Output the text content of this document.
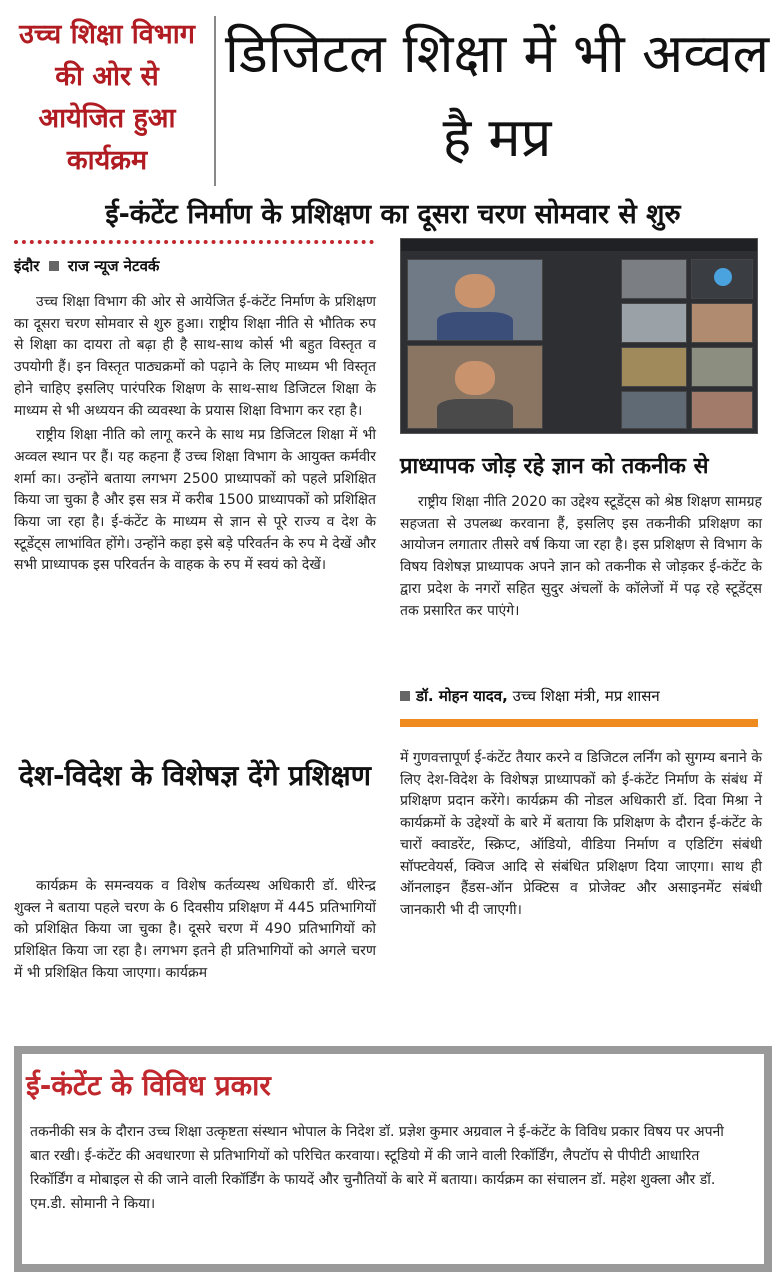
उच्च शिक्षा विभाग की ओर से आयेजित हुआ कार्यक्रम
डिजिटल शिक्षा में भी अव्वल है मप्र
ई-कंटेंट निर्माण के प्रशिक्षण का दूसरा चरण सोमवार से शुरु
इंदौर राज न्यूज नेटवर्क

उच्च शिक्षा विभाग की ओर से आयेजित ई-कंटेंट निर्माण के प्रशिक्षण का दूसरा चरण सोमवार से शुरु हुआ। राष्ट्रीय शिक्षा नीति से भौतिक रुप से शिक्षा का दायरा तो बढ़ा ही है साथ-साथ कोर्स भी बहुत विस्तृत व उपयोगी हैं। इन विस्तृत पाठ्यक्रमों को पढ़ाने के लिए माध्यम भी विस्तृत होने चाहिए इसलिए पारंपरिक शिक्षण के साथ-साथ डिजिटल शिक्षा के माध्यम से भी अध्ययन की व्यवस्था के प्रयास शिक्षा विभाग कर रहा है।

राष्ट्रीय शिक्षा नीति को लागू करने के साथ मप्र डिजिटल शिक्षा में भी अव्वल स्थान पर हैं। यह कहना हैं उच्च शिक्षा विभाग के आयुक्त कर्मवीर शर्मा का। उन्होंने बताया लगभग 2500 प्राध्यापकों को पहले प्रशिक्षित किया जा चुका है और इस सत्र में करीब 1500 प्राध्यापकों को प्रशिक्षित किया जा रहा है। ई-कंटेंट के माध्यम से ज्ञान से पूरे राज्य व देश के स्टूडेंट्स लाभांवित होंगे। उन्होंने कहा इसे बड़े परिवर्तन के रुप मे देखें और सभी प्राध्यापक इस परिवर्तन के वाहक के रुप में स्वयं को देखें।

देश-विदेश के विशेषज्ञ देंगे प्रशिक्षण

कार्यक्रम के समन्वयक व विशेष कर्तव्यस्थ अधिकारी डॉ. धीरेन्द्र शुक्ल ने बताया पहले चरण के 6 दिवसीय प्रशिक्षण में 445 प्रतिभागियों को प्रशिक्षित किया जा चुका है। दूसरे चरण में 490 प्रतिभागियों को प्रशिक्षित किया जा रहा है। लगभग इतने ही प्रतिभागियों को अगले चरण में भी प्रशिक्षित किया जाएगा। कार्यक्रम

प्राध्यापक जोड़ रहे ज्ञान को तकनीक से

राष्ट्रीय शिक्षा नीति 2020 का उद्देश्य स्टूडेंट्स को श्रेष्ठ शिक्षण सामग्रह सहजता से उपलब्ध करवाना हैं, इसलिए इस तकनीकी प्रशिक्षण का आयोजन लगातार तीसरे वर्ष किया जा रहा है। इस प्रशिक्षण से विभाग के विषय विशेषज्ञ प्राध्यापक अपने ज्ञान को तकनीक से जोड़कर ई-कंटेंट के द्वारा प्रदेश के नगरों सहित सुदुर अंचलों के कॉलेजों में पढ़ रहे स्टूडेंट्स तक प्रसारित कर पाएंगे।

डॉ. मोहन यादव, उच्च शिक्षा मंत्री, मप्र शासन
में गुणवत्तापूर्ण ई-कंटेंट तैयार करने व डिजिटल लर्निंग को सुगम्य बनाने के लिए देश-विदेश के विशेषज्ञ प्राध्यापकों को ई-कंटेंट निर्माण के संबंध में प्रशिक्षण प्रदान करेंगे। कार्यक्रम की नोडल अधिकारी डॉ. दिवा मिश्रा ने कार्यक्रमों के उद्देश्यों के बारे में बताया कि प्रशिक्षण के दौरान ई-कंटेंट के चारों क्वाडरेंट, स्क्रिप्ट, ऑडियो, वीडिया निर्माण व एडिटिंग संबंधी सॉफ्टवेयर्स, क्विज आदि से संबंधित प्रशिक्षण दिया जाएगा। साथ ही ऑनलाइन हैंडस-ऑन प्रेक्टिस व प्रोजेक्ट और असाइनमेंट संबंधी जानकारी भी दी जाएगी।
ई-कंटेंट के विविध प्रकार
तकनीकी सत्र के दौरान उच्च शिक्षा उत्कृष्टता संस्थान भोपाल के निदेश डॉ. प्रज्ञेश कुमार अग्रवाल ने ई-कंटेंट के विविध प्रकार विषय पर अपनी बात रखी। ई-कंटेंट की अवधारणा से प्रतिभागियों को परिचित करवाया। स्टूडियो में की जाने वाली रिकॉर्डिंग, लैपटॉप से पीपीटी आधारित रिकॉर्डिंग व मोबाइल से की जाने वाली रिकॉर्डिंग के फायदें और चुनौतियों के बारे में बताया। कार्यक्रम का संचालन डॉ. महेश शुक्ला और डॉ. एम.डी. सोमानी ने किया।
